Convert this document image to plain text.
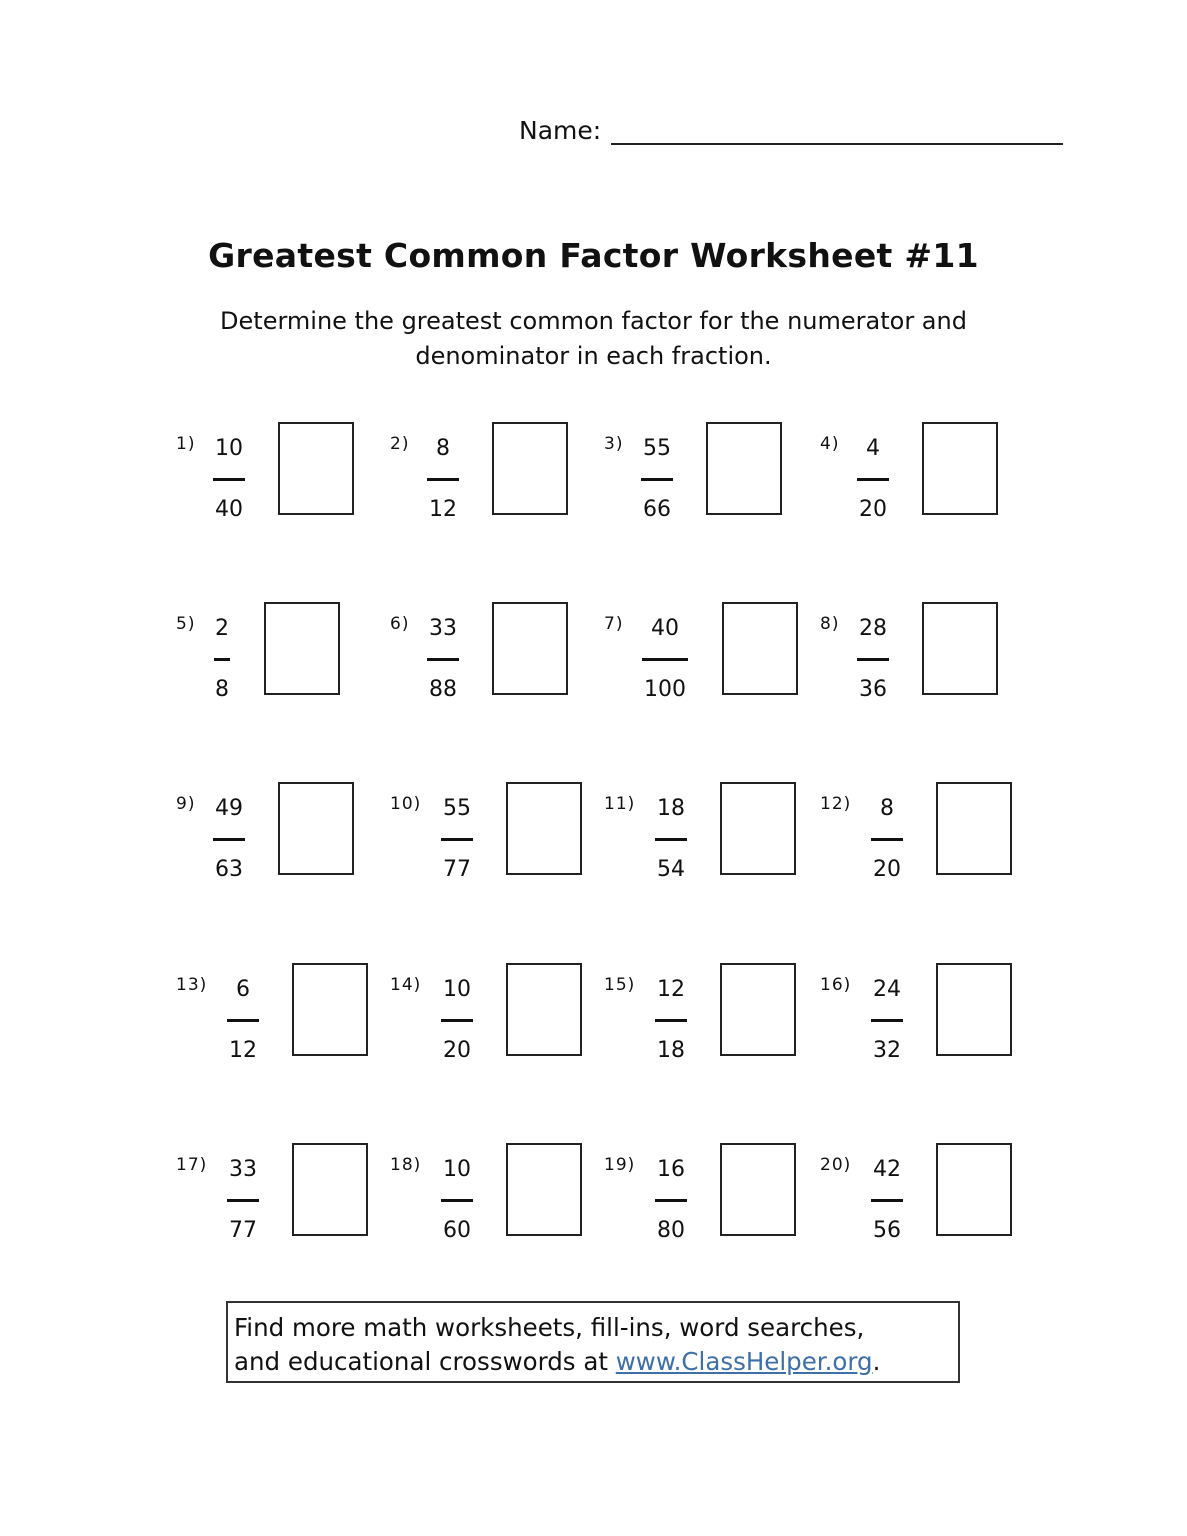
Name:
Greatest Common Factor Worksheet #11
Determine the greatest common factor for the numerator and denominator in each fraction.
1) 10
40
2)	8
12
3) 55
66
4)	4
20
5) 2
8
6) 33
88
7)	40
100
8) 28
36
9) 49
63
10) 55
77
11) 18
54
12)	8
20
13)	6
12
14) 10
20
15) 12
18
16) 24
32
17) 33
77
18) 10
60
19) 16
80
20) 42
56
Find more math worksheets, fill-ins, word searches,
and educational crosswords at www.ClassHelper.org.
